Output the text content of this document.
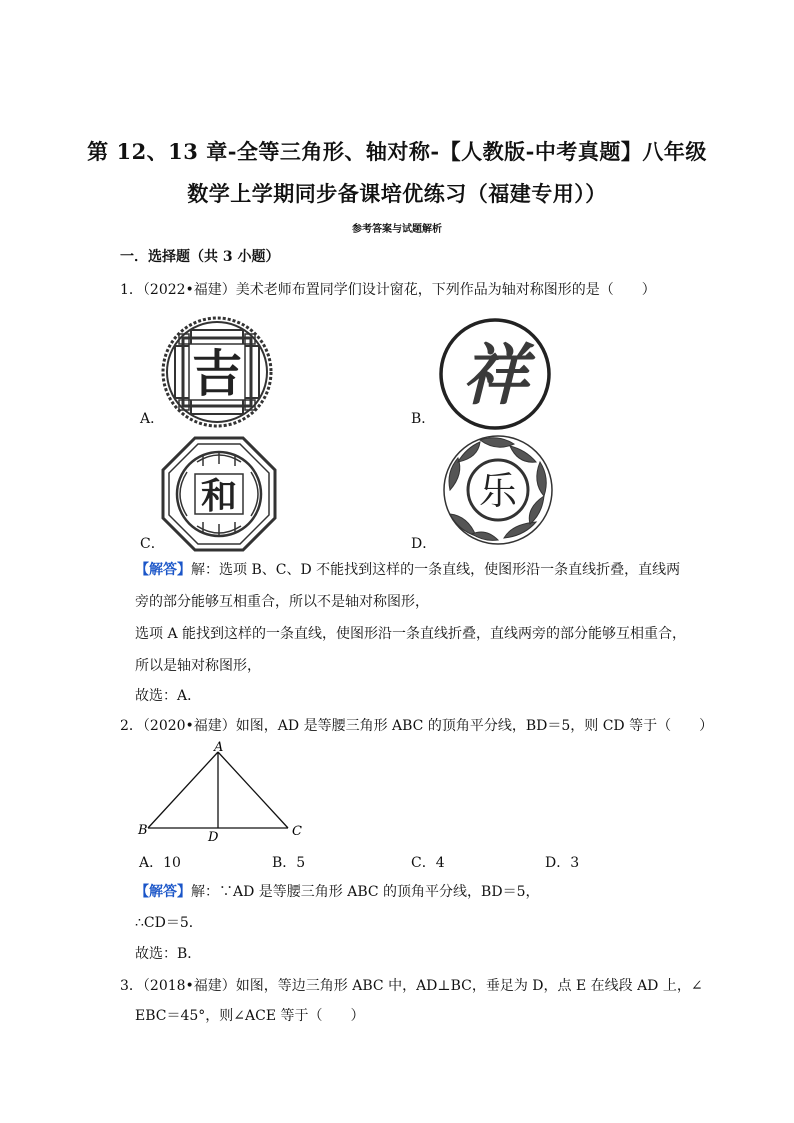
第 12、13 章-全等三角形、轴对称-【人教版-中考真题】八年级
数学上学期同步备课培优练习（福建专用））
参考答案与试题解析
一．选择题（共 3 小题）
1．（2022•福建）美术老师布置同学们设计窗花，下列作品为轴对称图形的是（　　）
吉
A．
祥
B．
和
C．
乐
D．
【解答】解：选项 B、C、D 不能找到这样的一条直线，使图形沿一条直线折叠，直线两
旁的部分能够互相重合，所以不是轴对称图形，
选项 A 能找到这样的一条直线，使图形沿一条直线折叠，直线两旁的部分能够互相重合，
所以是轴对称图形，
故选：A．
2．（2020•福建）如图，AD 是等腰三角形 ABC 的顶角平分线，BD＝5，则 CD 等于（　　）
A
B	C
D
A．10	B．5	C．4	D．3
【解答】解：∵AD 是等腰三角形 ABC 的顶角平分线，BD＝5，
∴CD＝5．
故选：B．
3．（2018•福建）如图，等边三角形 ABC 中，AD⊥BC，垂足为 D，点 E 在线段 AD 上，∠
EBC＝45°，则∠ACE 等于（　　）
